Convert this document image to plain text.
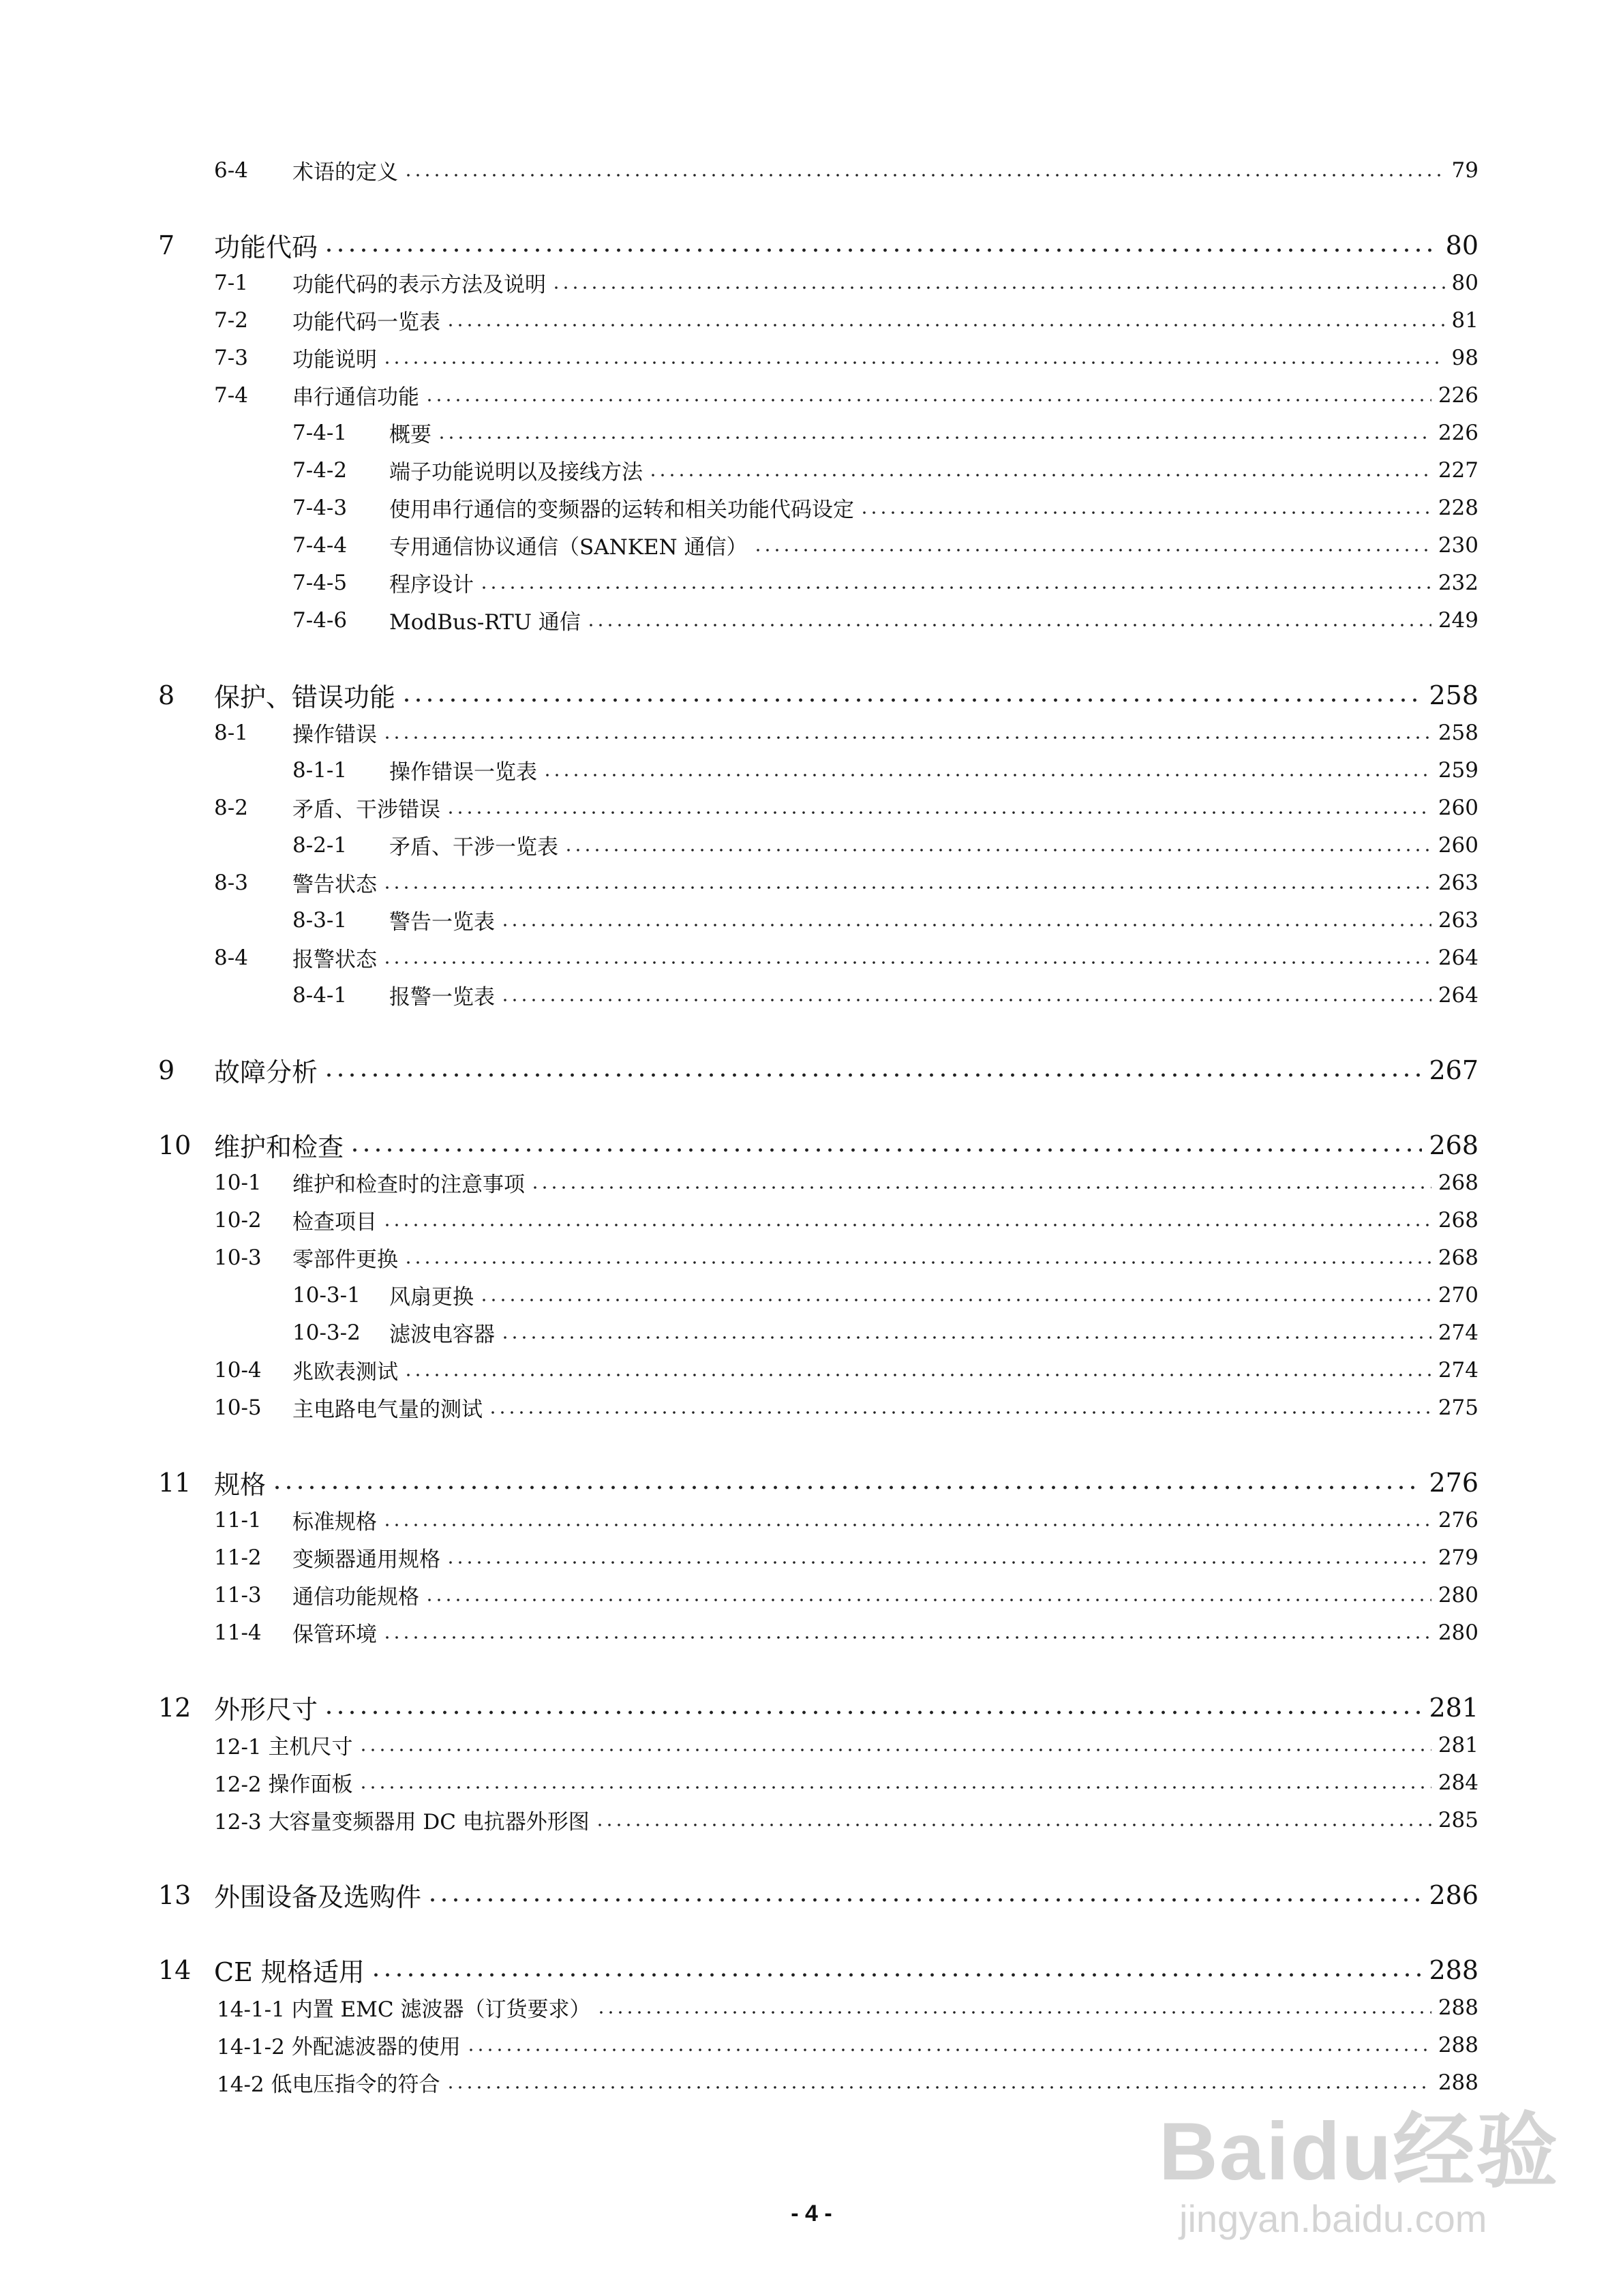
6-4 术语的定义	79
7 功能代码	80
7-1 功能代码的表示方法及说明	80
7-2 功能代码一览表	81
7-3 功能说明	98
7-4 串行通信功能	226
7-4-1 概要	226
7-4-2 端子功能说明以及接线方法	227
7-4-3 使用串行通信的变频器的运转和相关功能代码设定	228
7-4-4 专用通信协议通信（SANKEN 通信）	230
7-4-5 程序设计	232
7-4-6 ModBus-RTU 通信	249
8 保护、错误功能	258
8-1 操作错误	258
8-1-1 操作错误一览表	259
8-2 矛盾、干涉错误	260
8-2-1 矛盾、干涉一览表	260
8-3 警告状态	263
8-3-1 警告一览表	263
8-4 报警状态	264
8-4-1 报警一览表	264
9 故障分析	267
10 维护和检查	268
10-1 维护和检查时的注意事项	268
10-2 检查项目	268
10-3 零部件更换	268
10-3-1 风扇更换	270
10-3-2 滤波电容器	274
10-4 兆欧表测试	274
10-5 主电路电气量的测试	275
11 规格	276
11-1 标准规格	276
11-2 变频器通用规格	279
11-3 通信功能规格	280
11-4 保管环境	280
12 外形尺寸	281
12-1 主机尺寸	281
12-2 操作面板	284
12-3 大容量变频器用 DC 电抗器外形图	285
13 外围设备及选购件	286
14 CE 规格适用	288
14-1-1 内置 EMC 滤波器（订货要求）	288
14-1-2 外配滤波器的使用	288
14-2 低电压指令的符合	288
- 4 -
Baidu经验
jingyan.baidu.com
